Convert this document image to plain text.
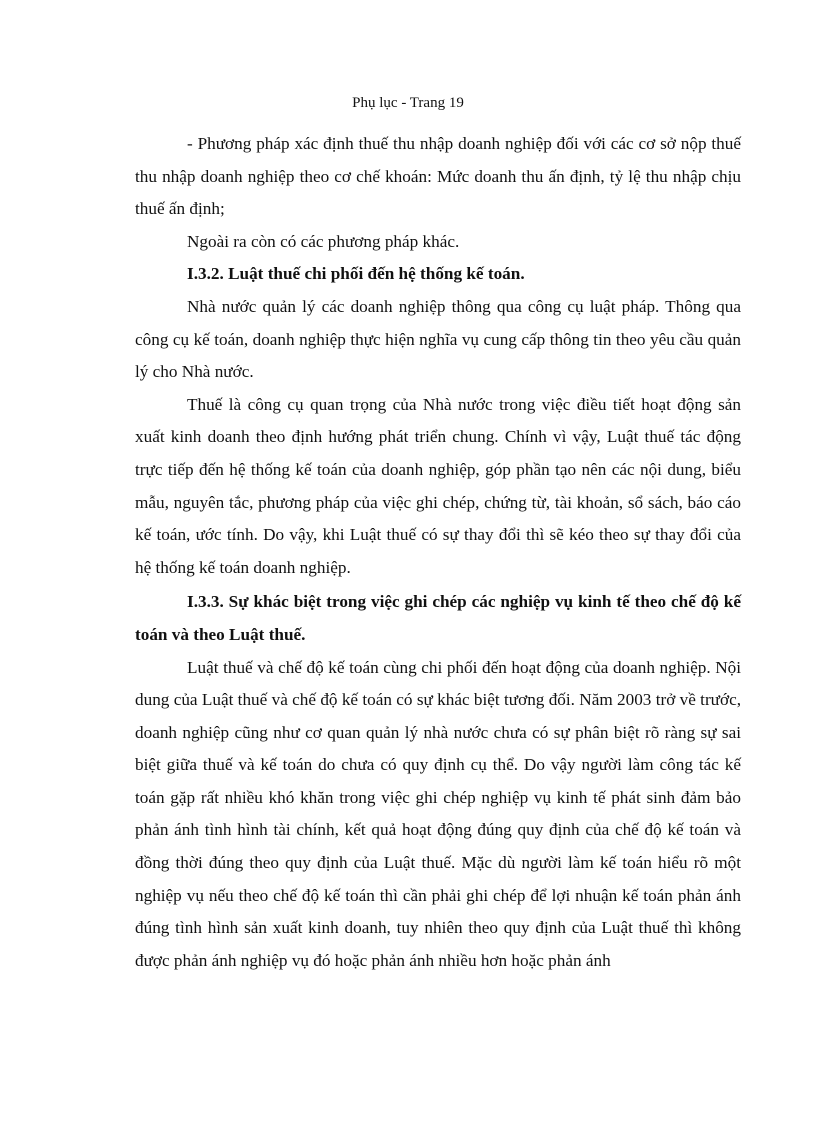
Phụ lục - Trang 19

- Phương pháp xác định thuế thu nhập doanh nghiệp đối với các cơ sở nộp thuế thu nhập doanh nghiệp theo cơ chế khoán: Mức doanh thu ấn định, tỷ lệ thu nhập chịu thuế ấn định;

Ngoài ra còn có các phương pháp khác.

I.3.2. Luật thuế chi phối đến hệ thống kế toán.

Nhà nước quản lý các doanh nghiệp thông qua công cụ luật pháp. Thông qua công cụ kế toán, doanh nghiệp thực hiện nghĩa vụ cung cấp thông tin theo yêu cầu quản lý cho Nhà nước.

Thuế là công cụ quan trọng của Nhà nước trong việc điều tiết hoạt động sản xuất kinh doanh theo định hướng phát triển chung. Chính vì vậy, Luật thuế tác động trực tiếp đến hệ thống kế toán của doanh nghiệp, góp phần tạo nên các nội dung, biểu mẫu, nguyên tắc, phương pháp của việc ghi chép, chứng từ, tài khoản, sổ sách, báo cáo kế toán, ước tính. Do vậy, khi Luật thuế có sự thay đổi thì sẽ kéo theo sự thay đổi của hệ thống kế toán doanh nghiệp.

I.3.3. Sự khác biệt trong việc ghi chép các nghiệp vụ kinh tế theo chế độ kế toán và theo Luật thuế.

Luật thuế và chế độ kế toán cùng chi phối đến hoạt động của doanh nghiệp. Nội dung của Luật thuế và chế độ kế toán có sự khác biệt tương đối. Năm 2003 trở về trước, doanh nghiệp cũng như cơ quan quản lý nhà nước chưa có sự phân biệt rõ ràng sự sai biệt giữa thuế và kế toán do chưa có quy định cụ thể. Do vậy người làm công tác kế toán gặp rất nhiều khó khăn trong việc ghi chép nghiệp vụ kinh tế phát sinh đảm bảo phản ánh tình hình tài chính, kết quả hoạt động đúng quy định của chế độ kế toán và đồng thời đúng theo quy định của Luật thuế. Mặc dù người làm kế toán hiểu rõ một nghiệp vụ nếu theo chế độ kế toán thì cần phải ghi chép để lợi nhuận kế toán phản ánh đúng tình hình sản xuất kinh doanh, tuy nhiên theo quy định của Luật thuế thì không được phản ánh nghiệp vụ đó hoặc phản ánh nhiều hơn hoặc phản ánh
